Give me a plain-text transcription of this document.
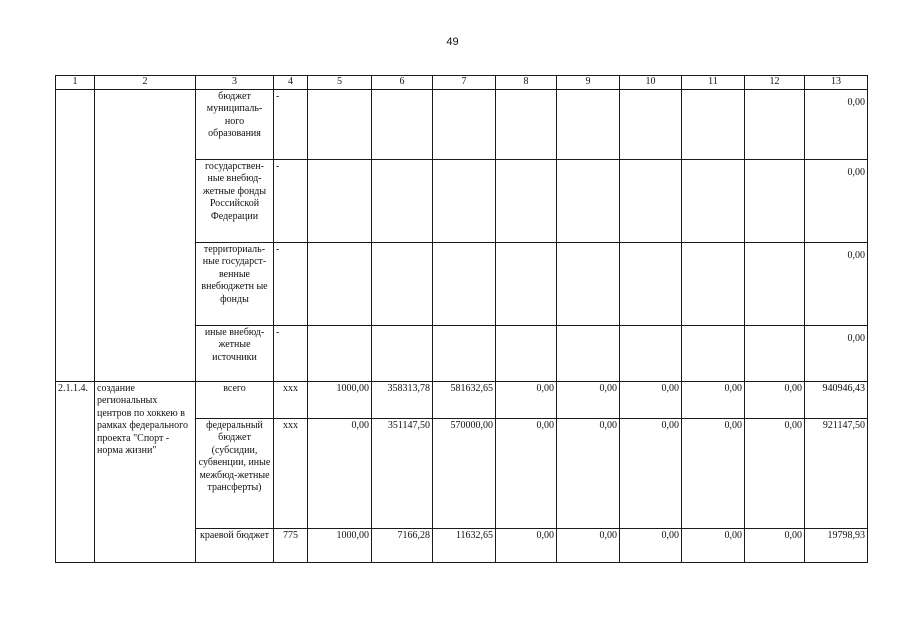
49
1	2	3	4	5	6	7	8	9	10	11	12	13
		бюджет муниципаль-ного образования	-									0,00

		государствен-ные внебюд-жетные фонды Российской Федерации	-									0,00

		территориаль-ные государст-венные внебюджетн ые фонды	-									0,00

		иные внебюд-жетные источники	-									0,00

2.1.1.4.	создание региональных центров по хоккею в рамках федерального проекта "Спорт - норма жизни"	всего	xxx	1000,00	358313,78	581632,65	0,00	0,00	0,00	0,00	0,00	940946,43
		федеральный бюджет (субсидии, субвенции, иные межбюд-жетные трансферты)	xxx	0,00	351147,50	570000,00	0,00	0,00	0,00	0,00	0,00	921147,50
		краевой бюджет	775	1000,00	7166,28	11632,65	0,00	0,00	0,00	0,00	0,00	19798,93
